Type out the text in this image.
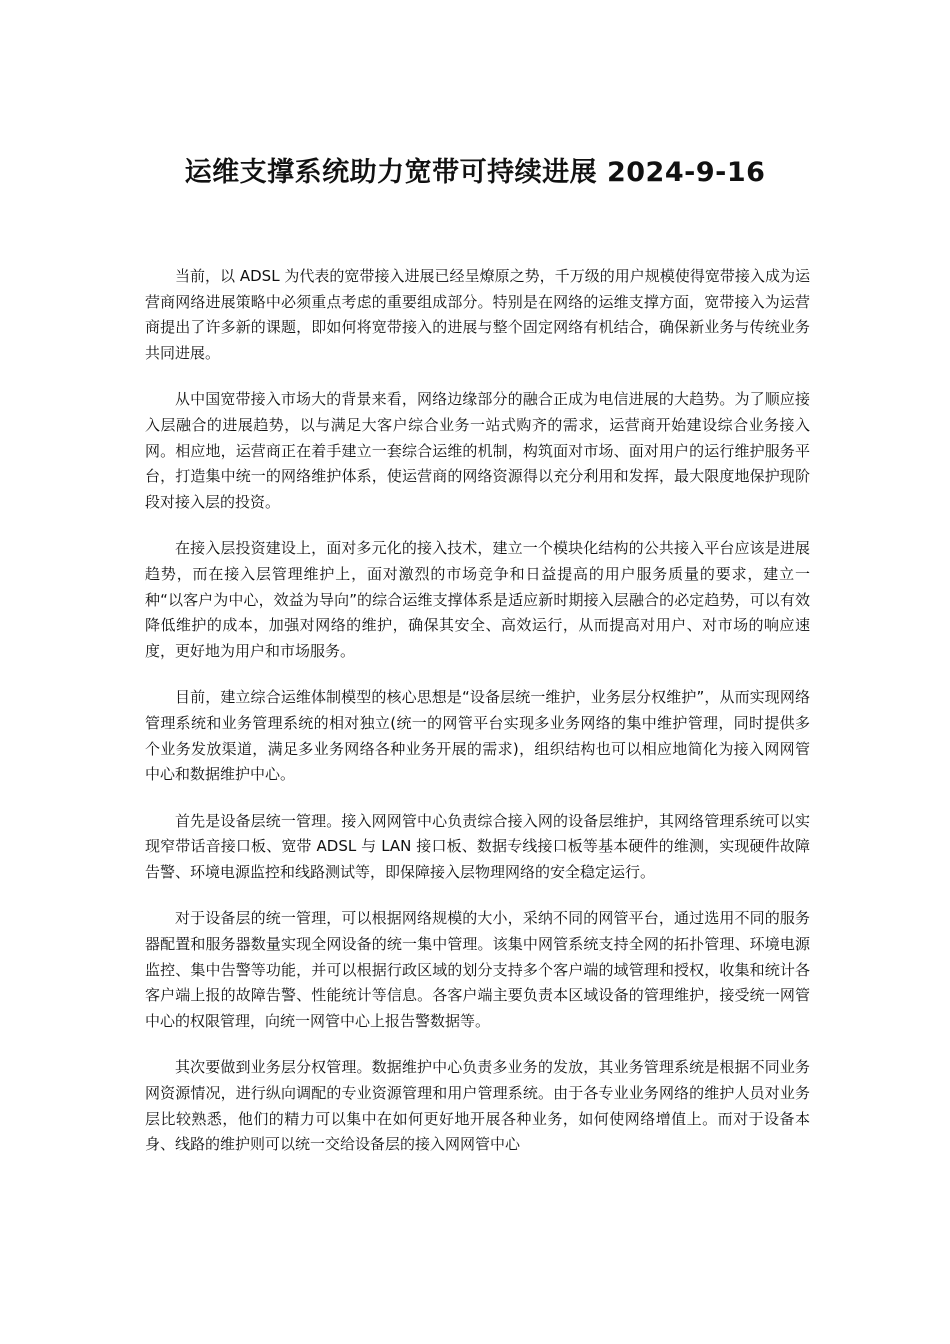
运维支撑系统助力宽带可持续进展 2024-9-16

当前，以 ADSL 为代表的宽带接入进展已经呈燎原之势，千万级的用户规模使得宽带接入成为运营商网络进展策略中必须重点考虑的重要组成部分。特别是在网络的运维支撑方面，宽带接入为运营商提出了许多新的课题，即如何将宽带接入的进展与整个固定网络有机结合，确保新业务与传统业务共同进展。

从中国宽带接入市场大的背景来看，网络边缘部分的融合正成为电信进展的大趋势。为了顺应接入层融合的进展趋势，以与满足大客户综合业务一站式购齐的需求，运营商开始建设综合业务接入网。相应地，运营商正在着手建立一套综合运维的机制，构筑面对市场、面对用户的运行维护服务平台，打造集中统一的网络维护体系，使运营商的网络资源得以充分利用和发挥，最大限度地保护现阶段对接入层的投资。

在接入层投资建设上，面对多元化的接入技术，建立一个模块化结构的公共接入平台应该是进展趋势，而在接入层管理维护上，面对激烈的市场竞争和日益提高的用户服务质量的要求，建立一种“以客户为中心，效益为导向”的综合运维支撑体系是适应新时期接入层融合的必定趋势，可以有效降低维护的成本，加强对网络的维护，确保其安全、高效运行，从而提高对用户、对市场的响应速度，更好地为用户和市场服务。

目前，建立综合运维体制模型的核心思想是“设备层统一维护，业务层分权维护”，从而实现网络管理系统和业务管理系统的相对独立(统一的网管平台实现多业务网络的集中维护管理，同时提供多个业务发放渠道，满足多业务网络各种业务开展的需求)，组织结构也可以相应地简化为接入网网管中心和数据维护中心。

首先是设备层统一管理。接入网网管中心负责综合接入网的设备层维护，其网络管理系统可以实现窄带话音接口板、宽带 ADSL 与 LAN 接口板、数据专线接口板等基本硬件的维测，实现硬件故障告警、环境电源监控和线路测试等，即保障接入层物理网络的安全稳定运行。

对于设备层的统一管理，可以根据网络规模的大小，采纳不同的网管平台，通过选用不同的服务器配置和服务器数量实现全网设备的统一集中管理。该集中网管系统支持全网的拓扑管理、环境电源监控、集中告警等功能，并可以根据行政区域的划分支持多个客户端的域管理和授权，收集和统计各客户端上报的故障告警、性能统计等信息。各客户端主要负责本区域设备的管理维护，接受统一网管中心的权限管理，向统一网管中心上报告警数据等。

其次要做到业务层分权管理。数据维护中心负责多业务的发放，其业务管理系统是根据不同业务网资源情况，进行纵向调配的专业资源管理和用户管理系统。由于各专业业务网络的维护人员对业务层比较熟悉，他们的精力可以集中在如何更好地开展各种业务，如何使网络增值上。而对于设备本身、线路的维护则可以统一交给设备层的接入网网管中心
